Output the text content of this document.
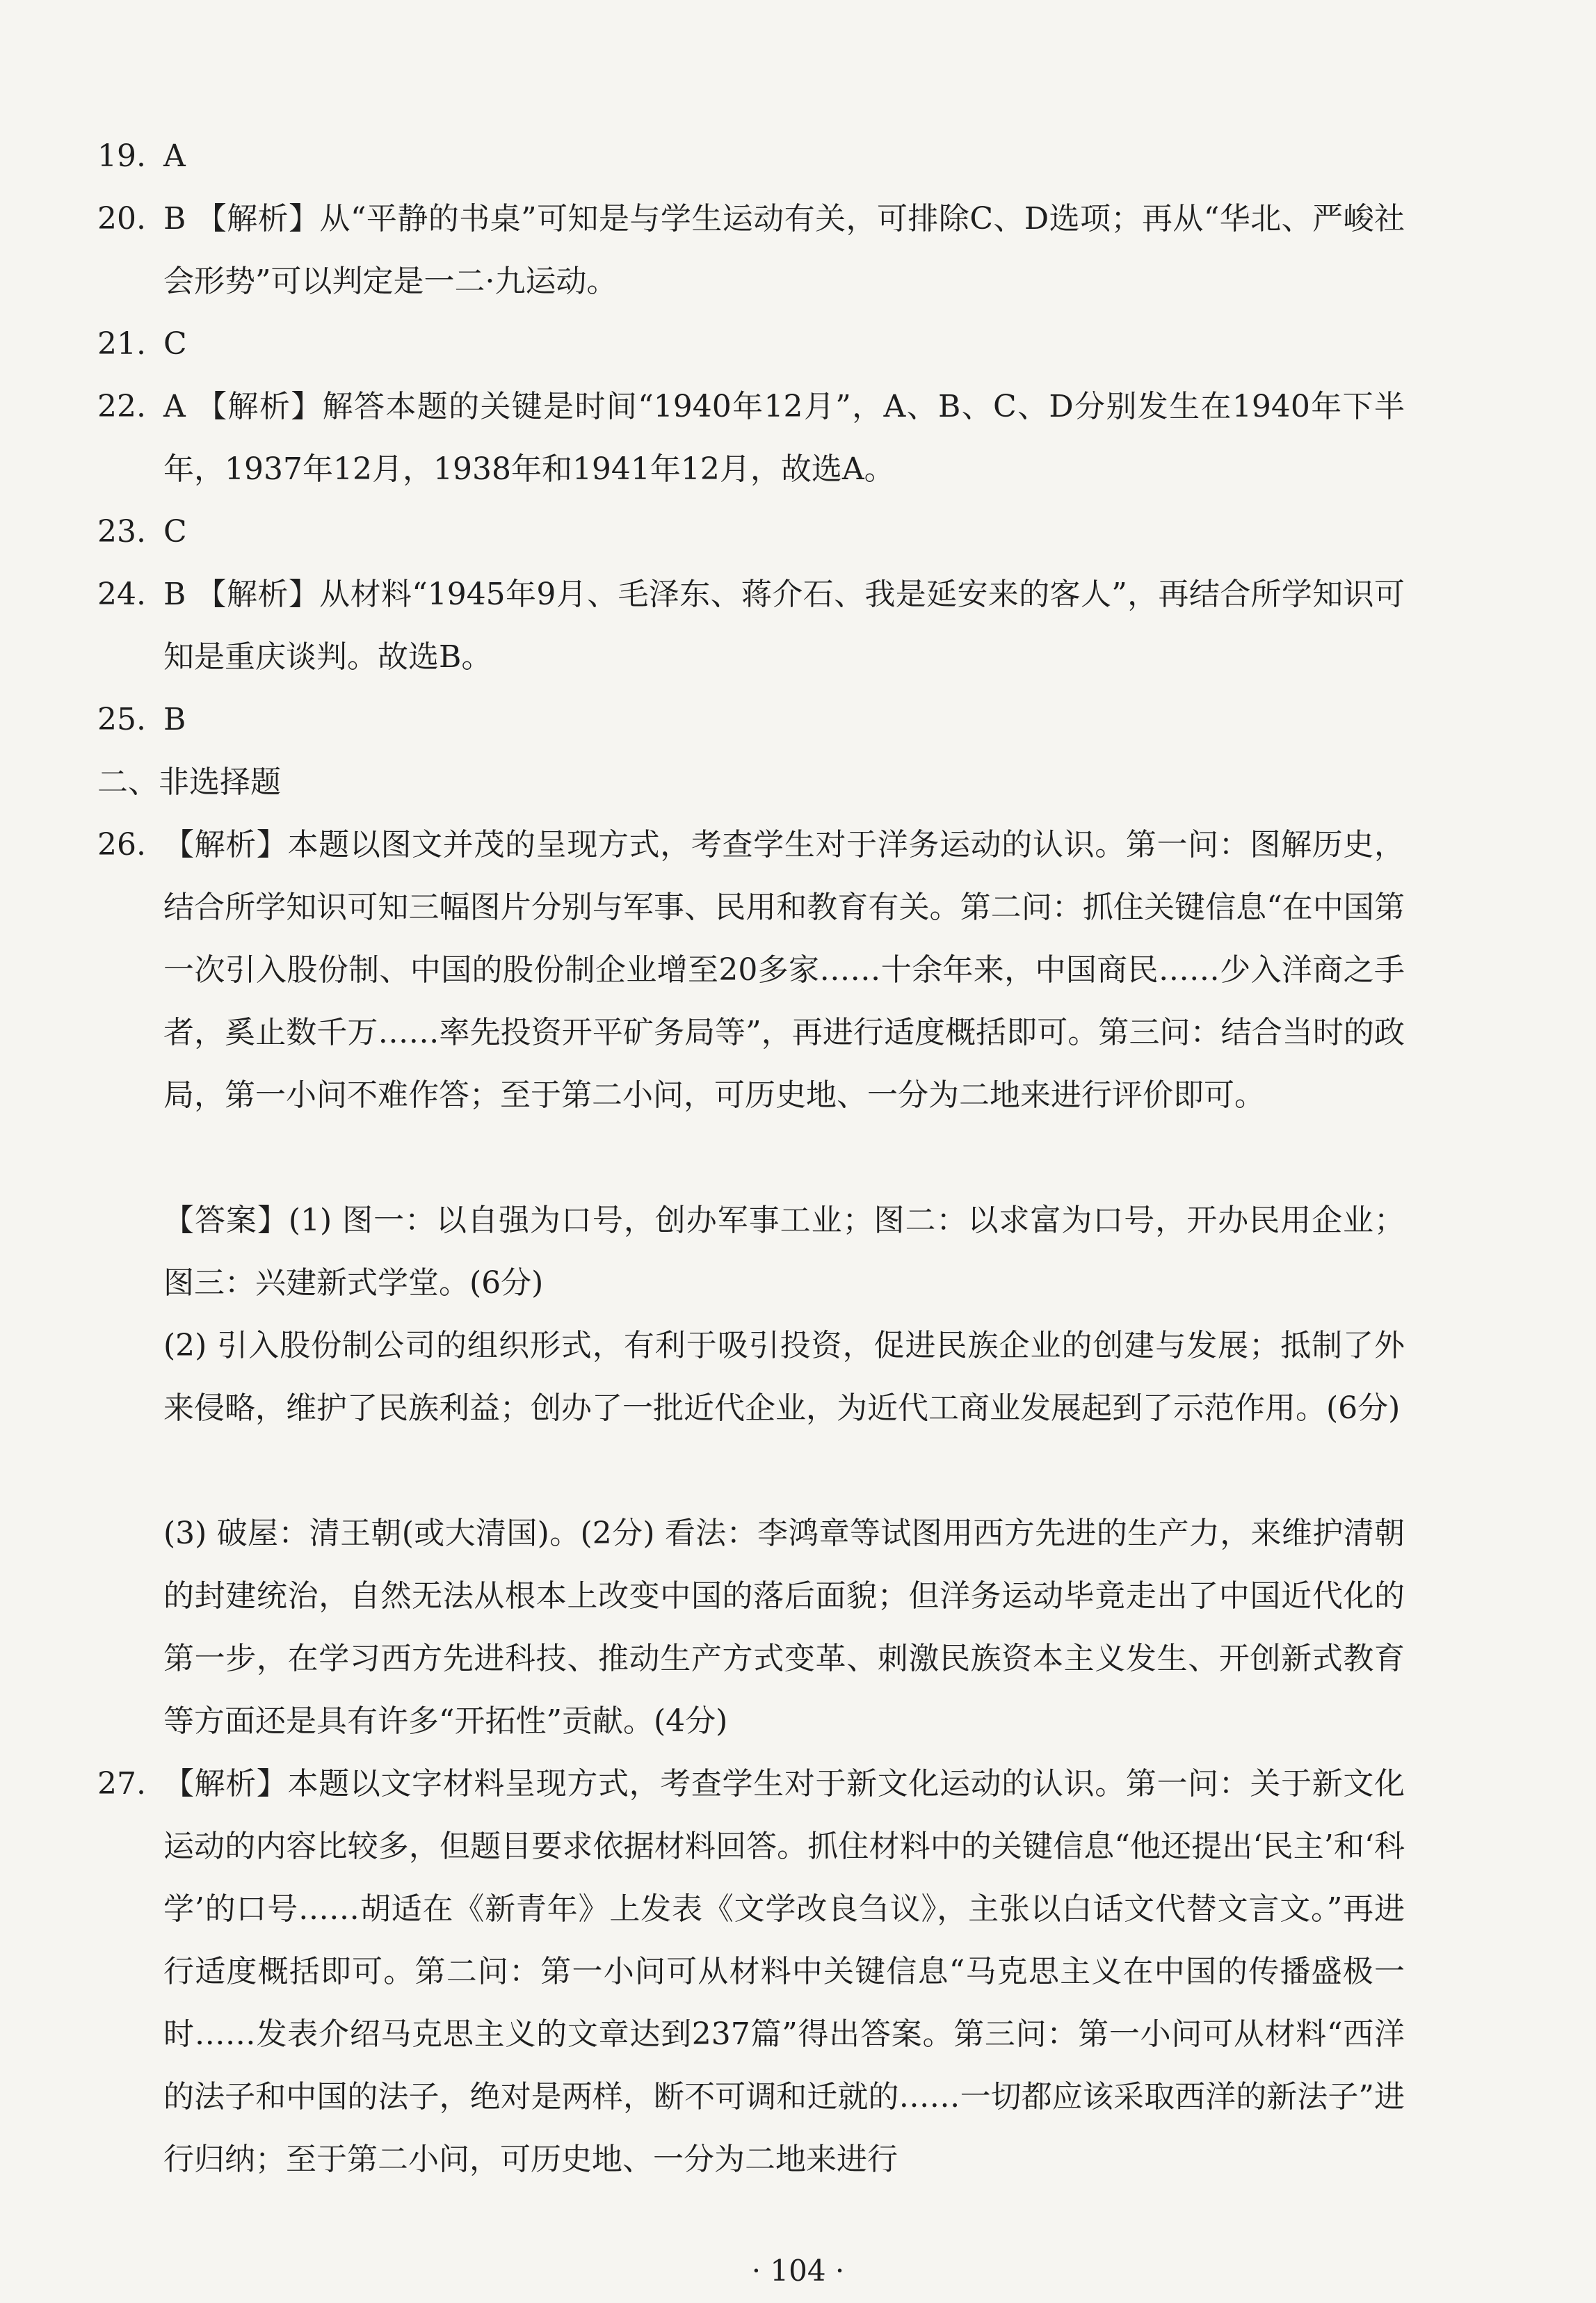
19. A
20. B 【解析】从“平静的书桌”可知是与学生运动有关，可排除C、D选项；再从“华北、严峻社会形势”可以判定是一二·九运动。
21. C
22. A 【解析】解答本题的关键是时间“1940年12月”，A、B、C、D分别发生在1940年下半年，1937年12月，1938年和1941年12月，故选A。
23. C
24. B 【解析】从材料“1945年9月、毛泽东、蒋介石、我是延安来的客人”，再结合所学知识可知是重庆谈判。故选B。
25. B
二、非选择题
26. 【解析】本题以图文并茂的呈现方式，考查学生对于洋务运动的认识。第一问：图解历史，结合所学知识可知三幅图片分别与军事、民用和教育有关。第二问：抓住关键信息“在中国第一次引入股份制、中国的股份制企业增至20多家……十余年来，中国商民……少入洋商之手者，奚止数千万……率先投资开平矿务局等”，再进行适度概括即可。第三问：结合当时的政局，第一小问不难作答；至于第二小问，可历史地、一分为二地来进行评价即可。
【答案】(1) 图一：以自强为口号，创办军事工业；图二：以求富为口号，开办民用企业；图三：兴建新式学堂。(6分)
(2) 引入股份制公司的组织形式，有利于吸引投资，促进民族企业的创建与发展；抵制了外来侵略，维护了民族利益；创办了一批近代企业，为近代工商业发展起到了示范作用。(6分)
(3) 破屋：清王朝(或大清国)。(2分) 看法：李鸿章等试图用西方先进的生产力，来维护清朝的封建统治，自然无法从根本上改变中国的落后面貌；但洋务运动毕竟走出了中国近代化的第一步，在学习西方先进科技、推动生产方式变革、刺激民族资本主义发生、开创新式教育等方面还是具有许多“开拓性”贡献。(4分)
27. 【解析】本题以文字材料呈现方式，考查学生对于新文化运动的认识。第一问：关于新文化运动的内容比较多，但题目要求依据材料回答。抓住材料中的关键信息“他还提出‘民主’和‘科学’的口号……胡适在《新青年》上发表《文学改良刍议》，主张以白话文代替文言文。”再进行适度概括即可。第二问：第一小问可从材料中关键信息“马克思主义在中国的传播盛极一时……发表介绍马克思主义的文章达到237篇”得出答案。第三问：第一小问可从材料“西洋的法子和中国的法子，绝对是两样，断不可调和迁就的……一切都应该采取西洋的新法子”进行归纳；至于第二小问，可历史地、一分为二地来进行
· 104 ·
